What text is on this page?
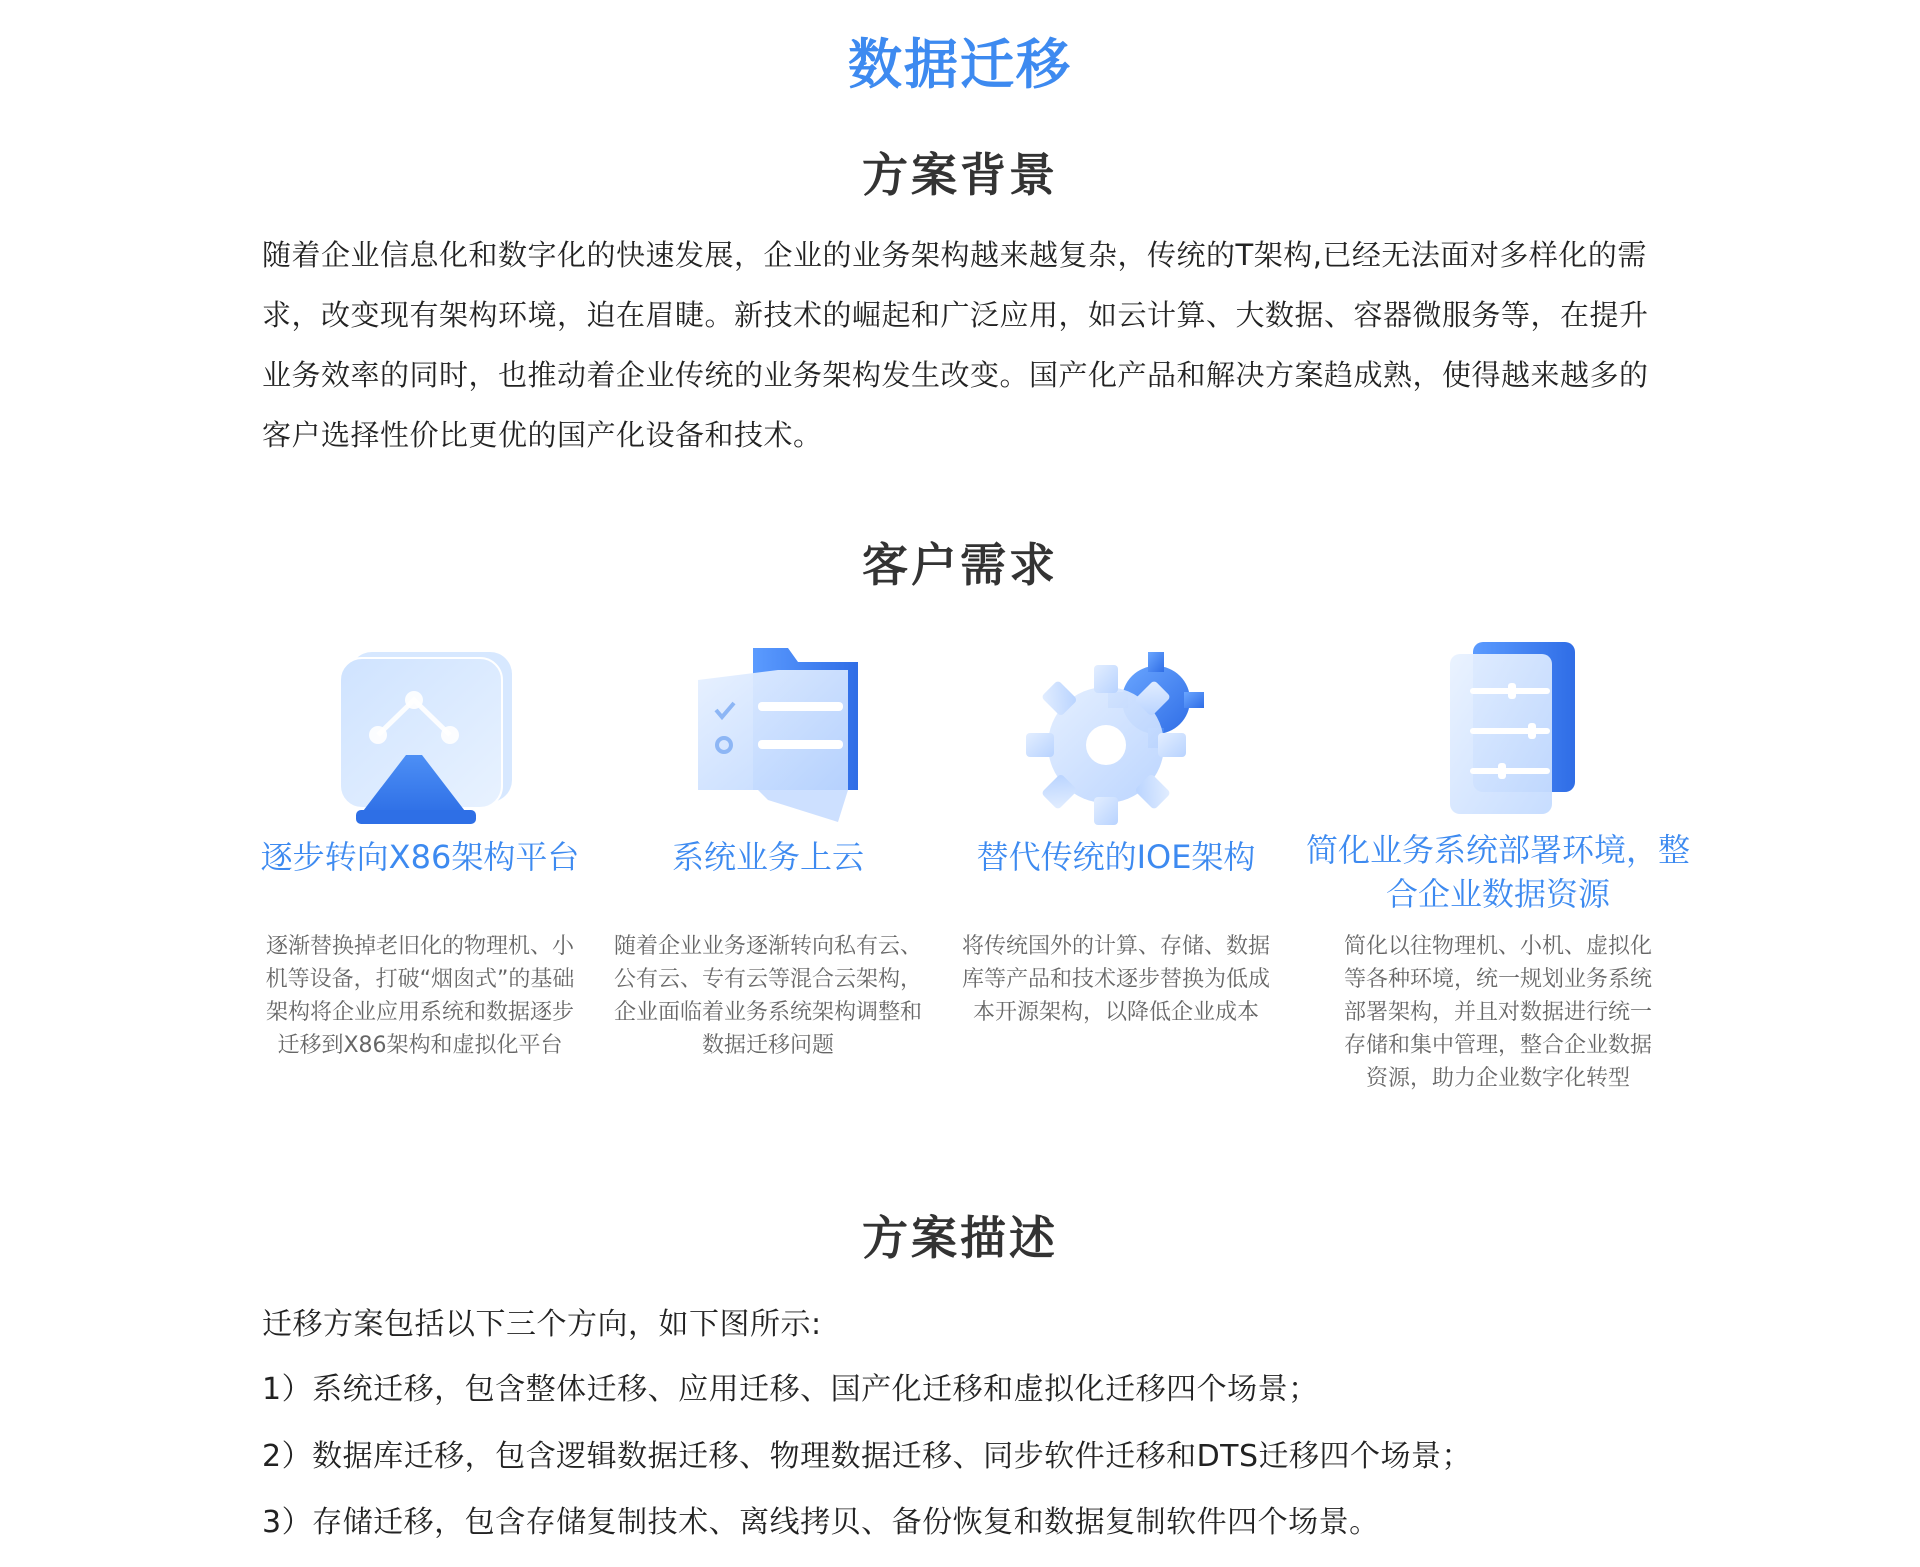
数据迁移
方案背景
随着企业信息化和数字化的快速发展，企业的业务架构越来越复杂，传统的T架构,已经无法面对多样化的需求，改变现有架构环境，迫在眉睫。新技术的崛起和广泛应用，如云计算、大数据、容器微服务等，在提升业务效率的同时，也推动着企业传统的业务架构发生改变。国产化产品和解决方案趋成熟，使得越来越多的客户选择性价比更优的国产化设备和技术。
客户需求
逐步转向X86架构平台
逐渐替换掉老旧化的物理机、小机等设备，打破“烟囱式”的基础架构将企业应用系统和数据逐步迁移到X86架构和虚拟化平台
系统业务上云
随着企业业务逐渐转向私有云、公有云、专有云等混合云架构，企业面临着业务系统架构调整和数据迁移问题
替代传统的IOE架构
将传统国外的计算、存储、数据库等产品和技术逐步替换为低成本开源架构，以降低企业成本
简化业务系统部署环境，整合企业数据资源
简化以往物理机、小机、虚拟化等各种环境，统一规划业务系统部署架构，并且对数据进行统一存储和集中管理，整合企业数据资源，助力企业数字化转型
方案描述
迁移方案包括以下三个方向，如下图所示:
1）系统迁移，包含整体迁移、应用迁移、国产化迁移和虚拟化迁移四个场景；
2）数据库迁移，包含逻辑数据迁移、物理数据迁移、同步软件迁移和DTS迁移四个场景；
3）存储迁移，包含存储复制技术、离线拷贝、备份恢复和数据复制软件四个场景。
